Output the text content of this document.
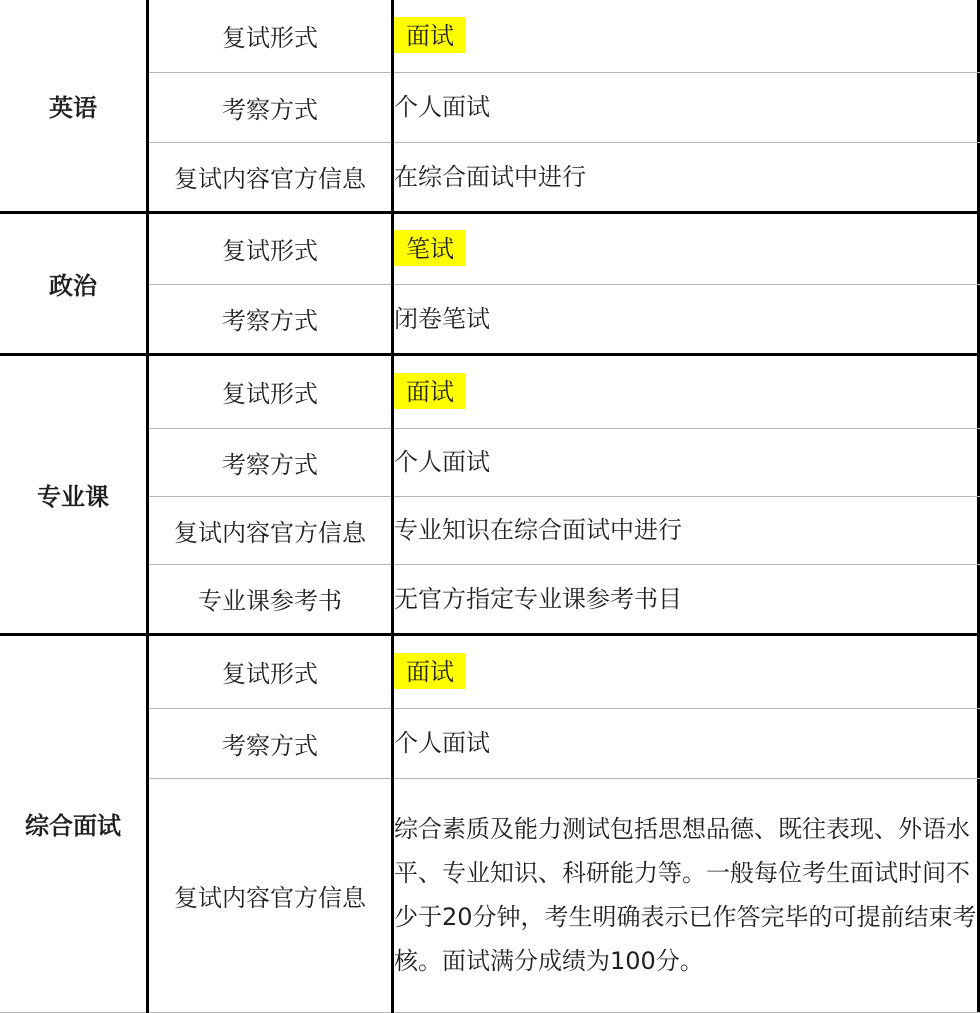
英语	复试形式	面试
	考察方式	个人面试
	复试内容官方信息	在综合面试中进行
政治	复试形式	笔试
	考察方式	闭卷笔试
专业课	复试形式	面试
	考察方式	个人面试
	复试内容官方信息	专业知识在综合面试中进行
	专业课参考书	无官方指定专业课参考书目
综合面试	复试形式	面试
	考察方式	个人面试
	复试内容官方信息	综合素质及能力测试包括思想品德、既往表现、外语水平、专业知识、科研能力等。一般每位考生面试时间不少于20分钟，考生明确表示已作答完毕的可提前结束考核。面试满分成绩为100分。
